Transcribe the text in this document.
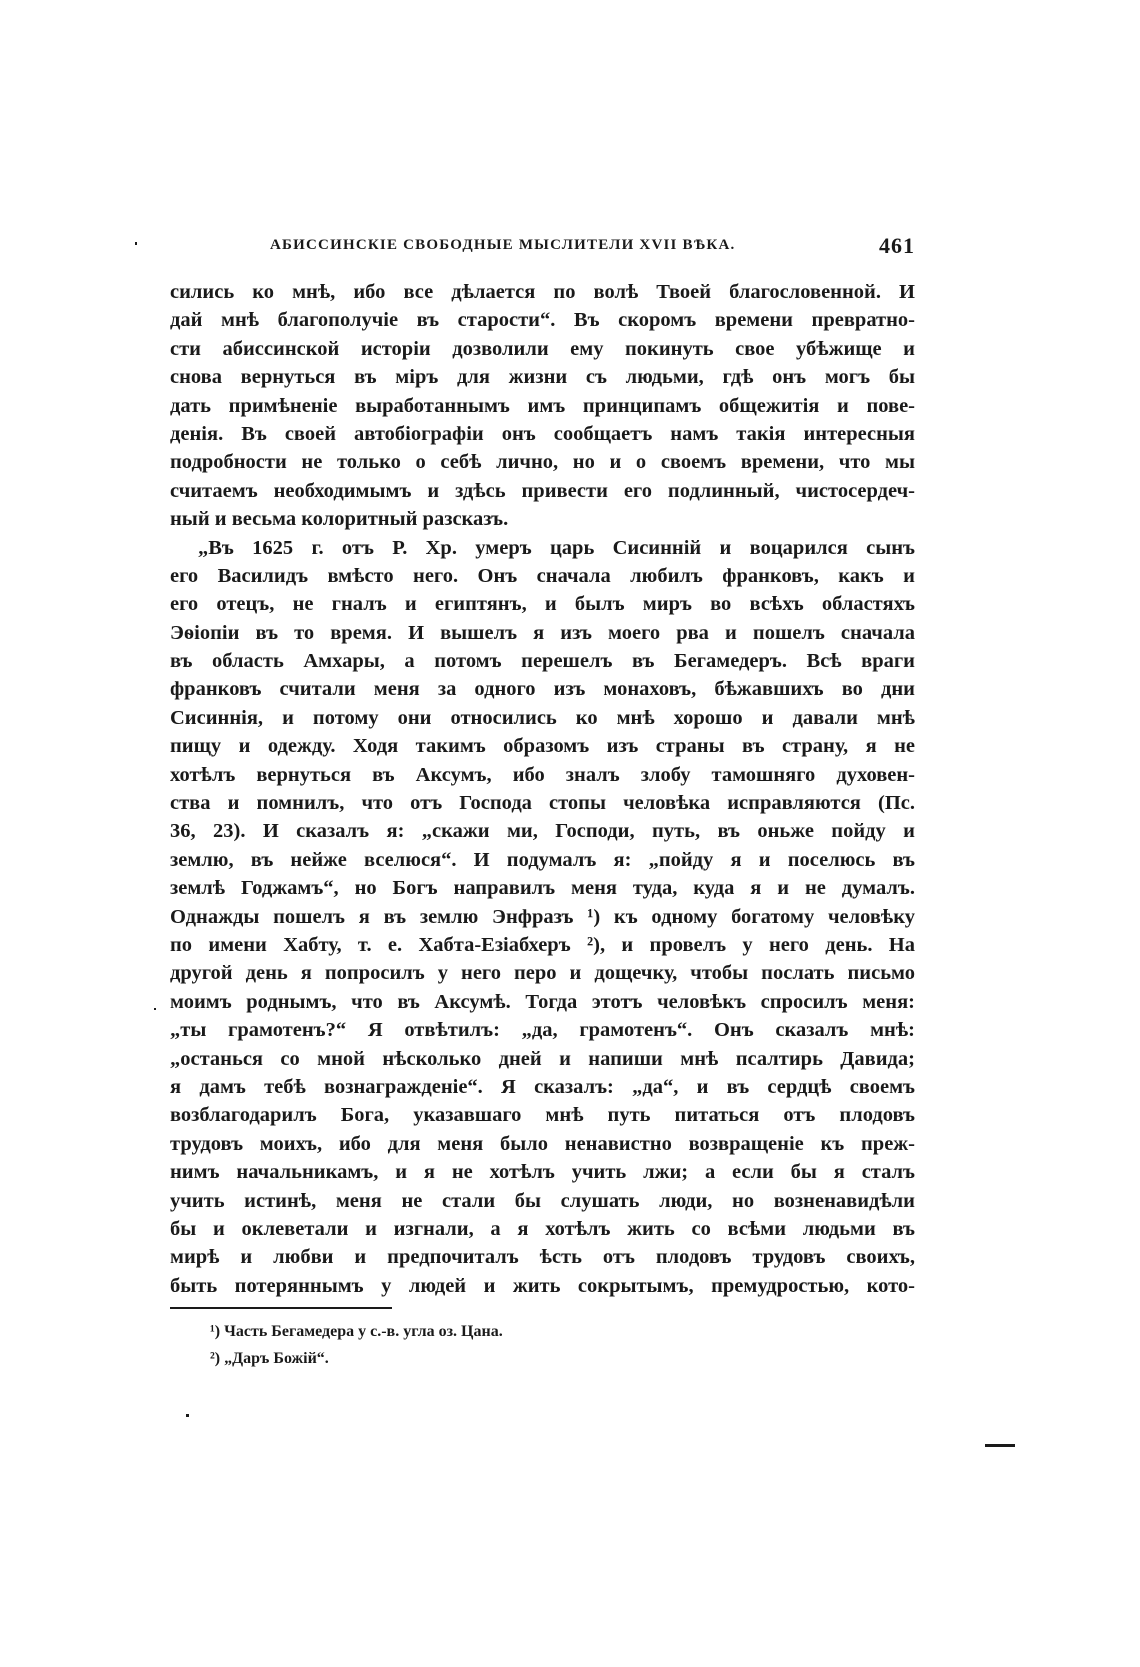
АБИССИНСКІЕ СВОБОДНЫЕ МЫСЛИТЕЛИ XVII ВѢКА.	461
сились ко мнѣ, ибо все дѣлается по волѣ Твоей благословенной. И
дай мнѣ благополучіе въ старости“. Въ скоромъ времени превратно-
сти абиссинской исторіи дозволили ему покинуть свое убѣжище и
снова вернуться въ міръ для жизни съ людьми, гдѣ онъ могъ бы
дать примѣненіе выработаннымъ имъ принципамъ общежитія и пове-
денія. Въ своей автобіографіи онъ сообщаетъ намъ такія интересныя
подробности не только о себѣ лично, но и о своемъ времени, что мы
считаемъ необходимымъ и здѣсь привести его подлинный, чистосердеч-
ный и весьма колоритный разсказъ.
„Въ 1625 г. отъ Р. Хр. умеръ царь Сисинній и воцарился сынъ
его Василидъ вмѣсто него. Онъ сначала любилъ франковъ, какъ и
его отецъ, не гналъ и египтянъ, и былъ миръ во всѣхъ областяхъ
Эѳіопіи въ то время. И вышелъ я изъ моего рва и пошелъ сначала
въ область Амхары, а потомъ перешелъ въ Бегамедеръ. Всѣ враги
франковъ считали меня за одного изъ монаховъ, бѣжавшихъ во дни
Сисиннія, и потому они относились ко мнѣ хорошо и давали мнѣ
пищу и одежду. Ходя такимъ образомъ изъ страны въ страну, я не
хотѣлъ вернуться въ Аксумъ, ибо зналъ злобу тамошняго духовен-
ства и помнилъ, что отъ Господа стопы человѣка исправляются (Пс.
36, 23). И сказалъ я: „скажи ми, Господи, путь, въ оньже пойду и
землю, въ нейже вселюся“. И подумалъ я: „пойду я и поселюсь въ
землѣ Годжамъ“, но Богъ направилъ меня туда, куда я и не думалъ.
Однажды пошелъ я въ землю Энфразъ ¹) къ одному богатому человѣку
по имени Хабту, т. е. Хабта-Езіабхеръ ²), и провелъ у него день. На
другой день я попросилъ у него перо и дощечку, чтобы послать письмо
моимъ роднымъ, что въ Аксумѣ. Тогда этотъ человѣкъ спросилъ меня:
„ты грамотенъ?“ Я отвѣтилъ: „да, грамотенъ“. Онъ сказалъ мнѣ:
„останься со мной нѣсколько дней и напиши мнѣ псалтирь Давида;
я дамъ тебѣ вознагражденіе“. Я сказалъ: „да“, и въ сердцѣ своемъ
возблагодарилъ Бога, указавшаго мнѣ путь питаться отъ плодовъ
трудовъ моихъ, ибо для меня было ненавистно возвращеніе къ преж-
нимъ начальникамъ, и я не хотѣлъ учить лжи; а если бы я сталъ
учить истинѣ, меня не стали бы слушать люди, но возненавидѣли
бы и оклеветали и изгнали, а я хотѣлъ жить со всѣми людьми въ
мирѣ и любви и предпочиталъ ѣсть отъ плодовъ трудовъ своихъ,
быть потеряннымъ у людей и жить сокрытымъ, премудростью, кото-
¹) Часть Бегамедера у с.-в. угла оз. Цана.
²) „Даръ Божій“.
